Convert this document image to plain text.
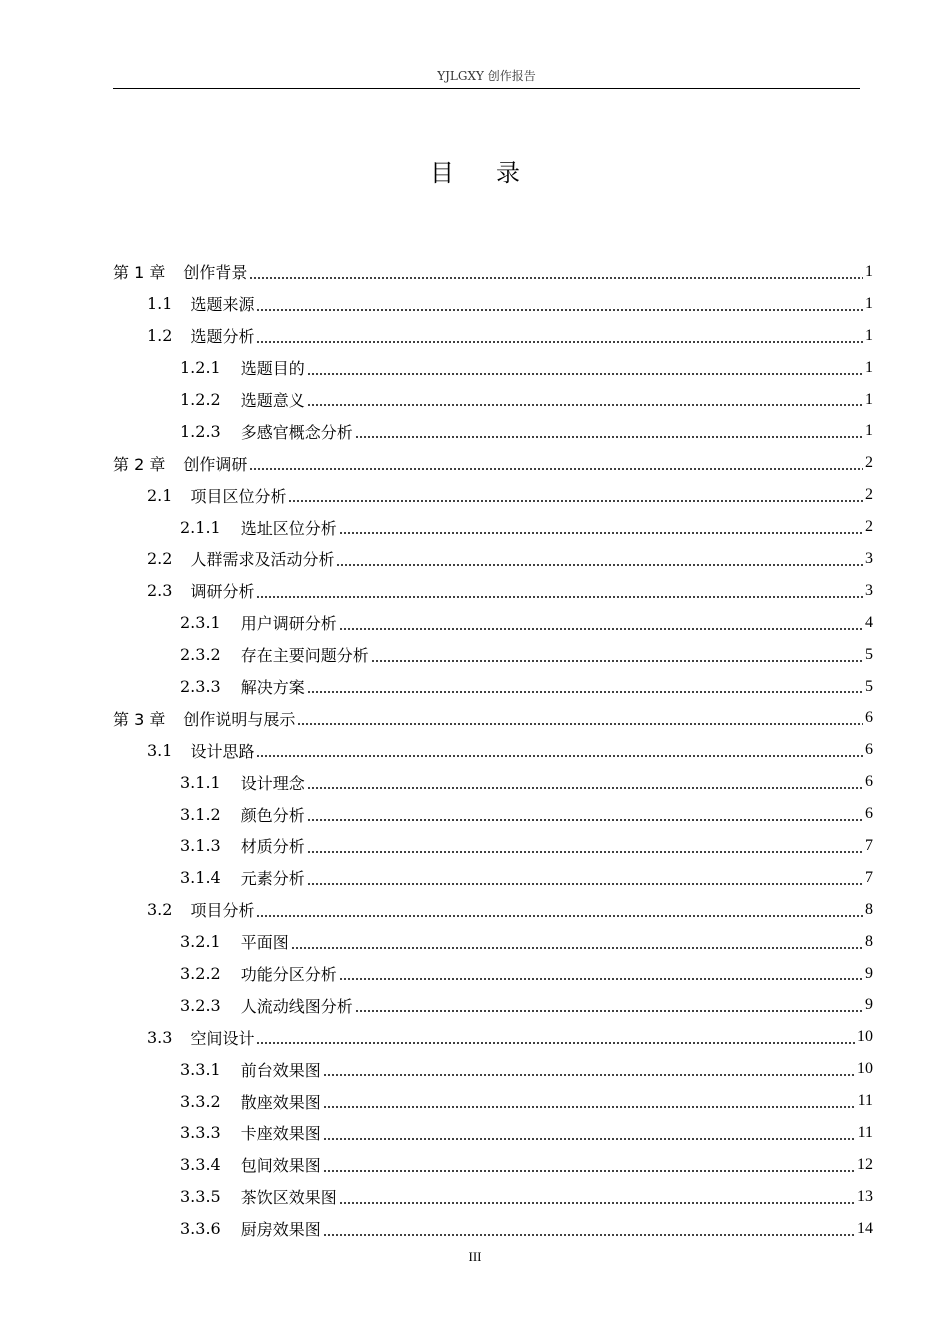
YJLGXY 创作报告
目录
第 1 章 创作背景	1
1.1 选题来源	1
1.2 选题分析	1
1.2.1 选题目的	1
1.2.2 选题意义	1
1.2.3 多感官概念分析	1
第 2 章 创作调研	2
2.1 项目区位分析	2
2.1.1 选址区位分析	2
2.2 人群需求及活动分析	3
2.3 调研分析	3
2.3.1 用户调研分析	4
2.3.2 存在主要问题分析	5
2.3.3 解决方案	5
第 3 章 创作说明与展示	6
3.1 设计思路	6
3.1.1 设计理念	6
3.1.2 颜色分析	6
3.1.3 材质分析	7
3.1.4 元素分析	7
3.2 项目分析	8
3.2.1 平面图	8
3.2.2 功能分区分析	9
3.2.3 人流动线图分析	9
3.3 空间设计	10
3.3.1 前台效果图	10
3.3.2 散座效果图	11
3.3.3 卡座效果图	11
3.3.4 包间效果图	12
3.3.5 茶饮区效果图	13
3.3.6 厨房效果图	14
III
